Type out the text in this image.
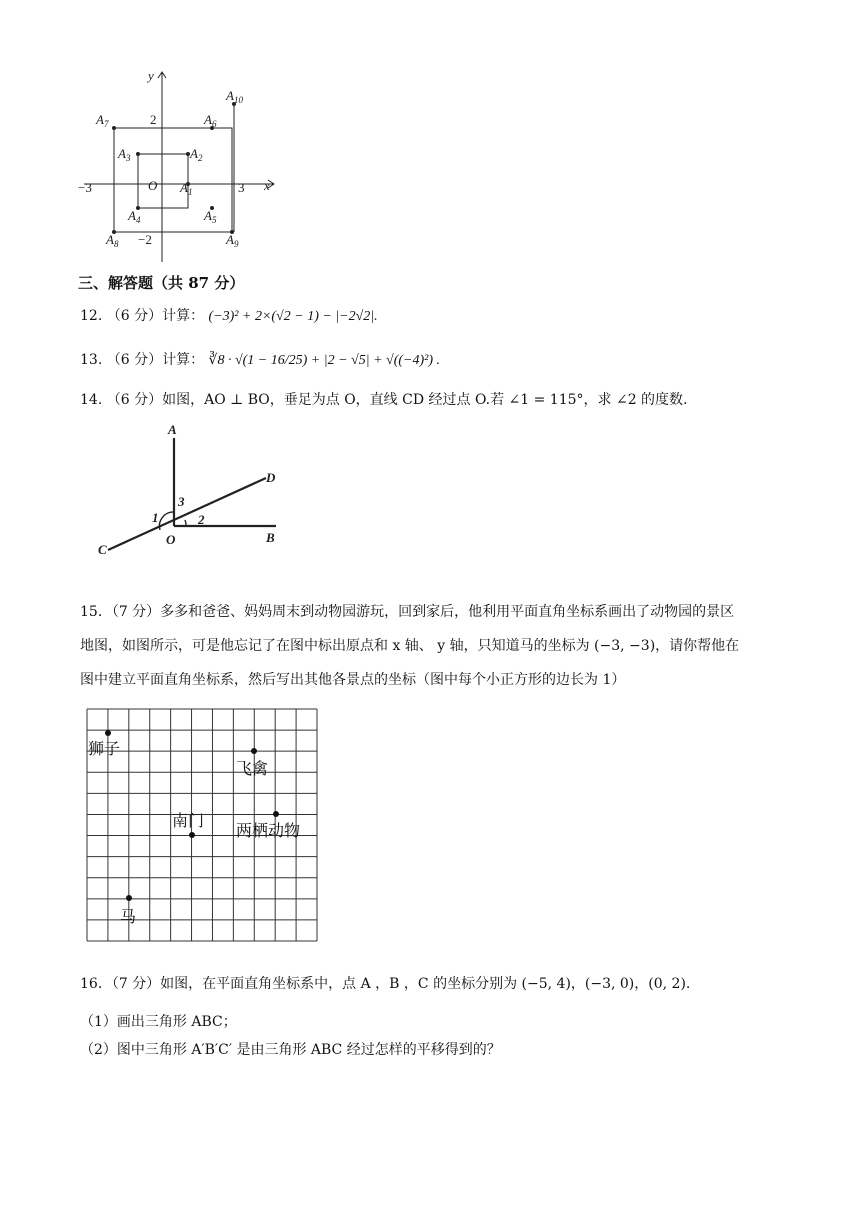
y
x
$A_{10}$
$A_7$	$A_6$
$A_3$	$A_2$
O $A_1$
$A_4$	$A_5$
$A_8$	$A_9$
2
−3	3
−2
三、解答题（共 87 分）
12. （6 分）计算： (−3)² + 2×(√2 − 1) − |−2√2|.
13. （6 分）计算： ∛8 · √(1 − 16/25) + |2 − √5| + √((−4)²) .
14. （6 分）如图，AO ⊥ BO，垂足为点 O，直线 CD 经过点 O.若 ∠1 = 115°，求 ∠2 的度数.
A
D
1
3
2
C
O	B
15．（7 分）多多和爸爸、妈妈周末到动物园游玩，回到家后，他利用平面直角坐标系画出了动物园的景区
地图，如图所示，可是他忘记了在图中标出原点和 x 轴、 y 轴，只知道马的坐标为 (−3, −3)，请你帮他在
图中建立平面直角坐标系，然后写出其他各景点的坐标（图中每个小正方形的边长为 1）
狮子
飞禽
南门
两栖动物
马
16．（7 分）如图，在平面直角坐标系中，点 A ，B ，C 的坐标分别为 (−5, 4)，(−3, 0)，(0, 2).
（1）画出三角形 ABC；
（2）图中三角形 A′B′C′ 是由三角形 ABC 经过怎样的平移得到的？
